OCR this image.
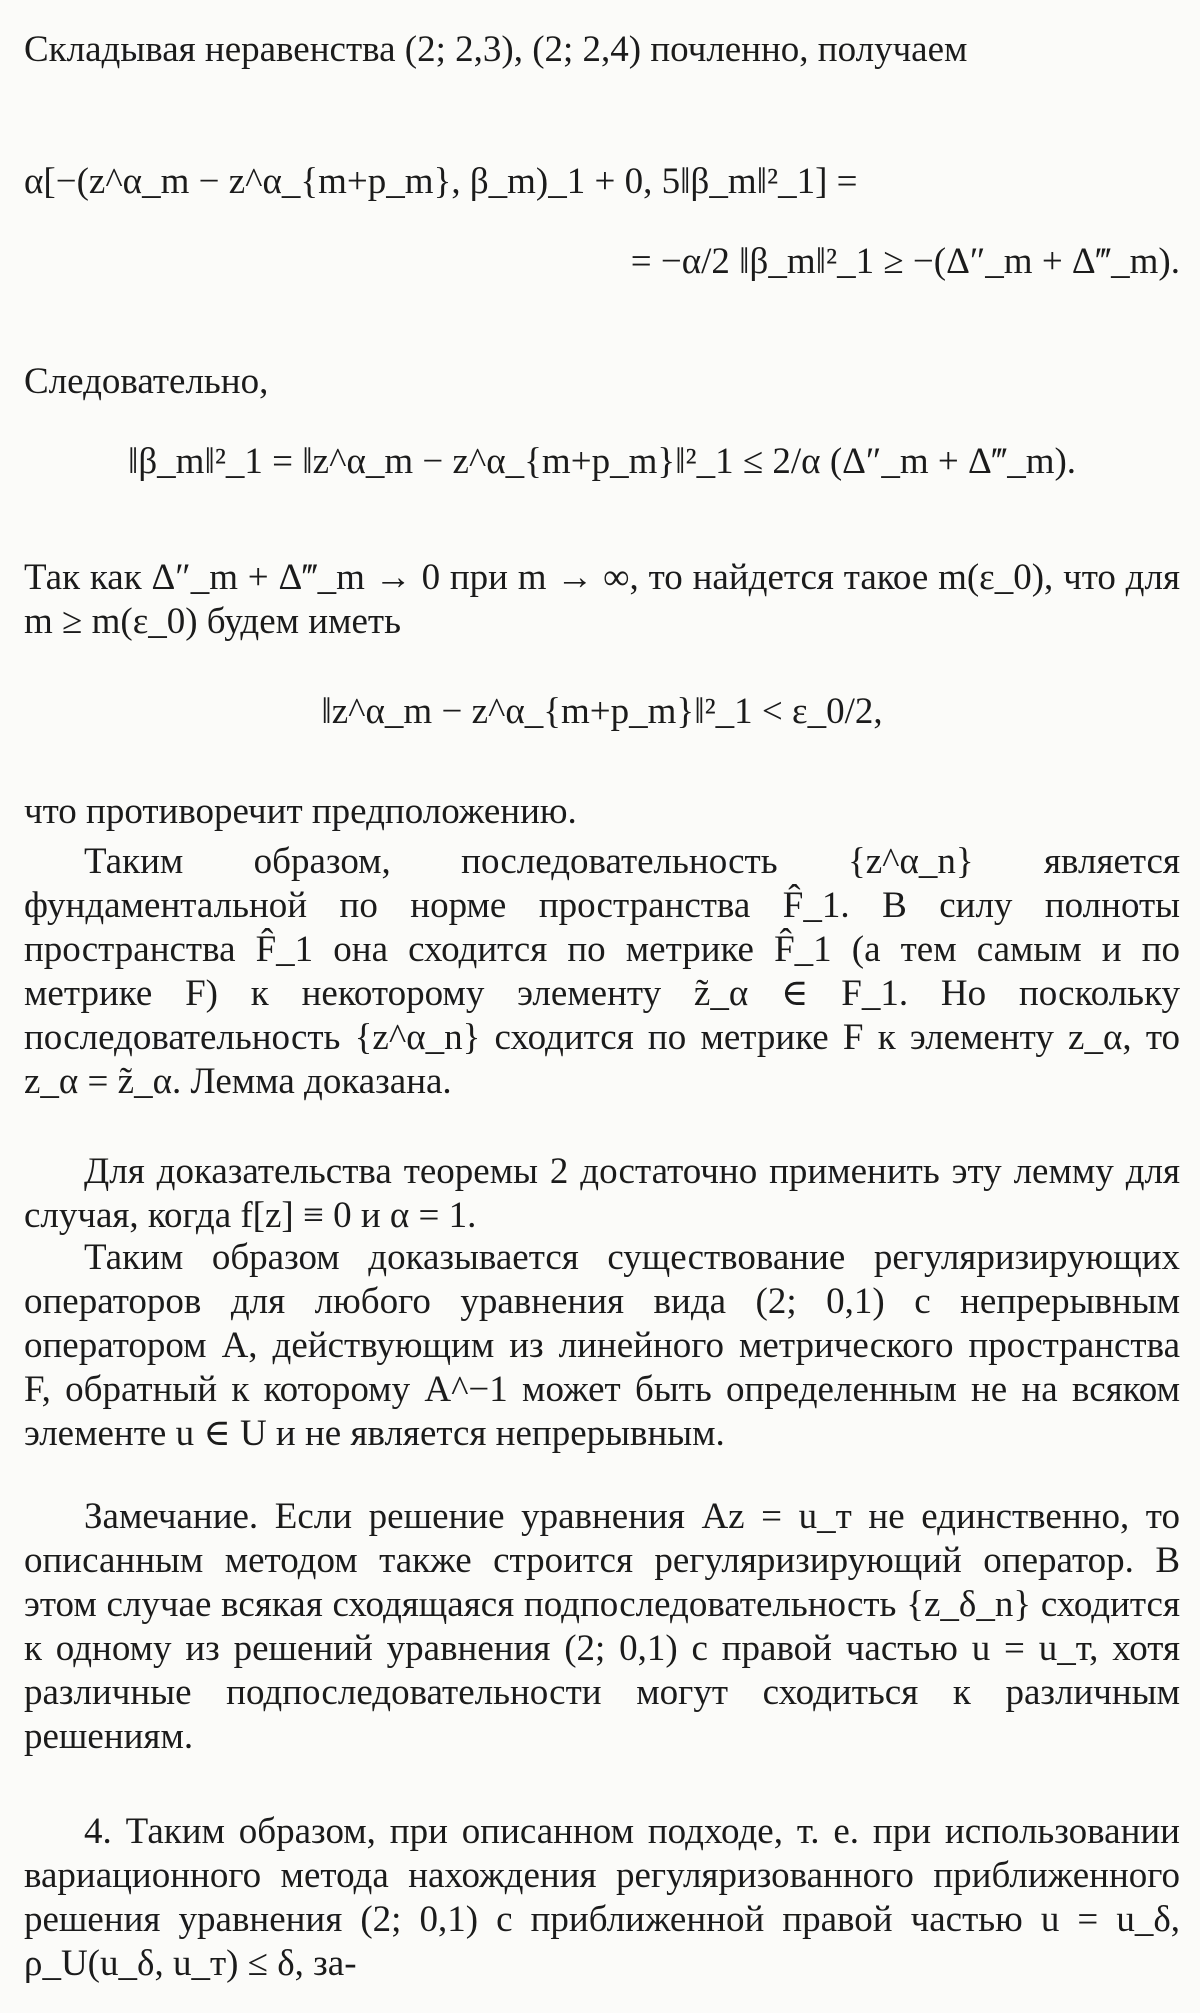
Складывая неравенства (2; 2,3), (2; 2,4) почленно, получаем

α[−(z^α_m − z^α_{m+p_m}, β_m)_1 + 0, 5‖β_m‖²_1] =
= −α/2 ‖β_m‖²_1 ≥ −(Δ″_m + Δ‴_m).

Следовательно,

‖β_m‖²_1 = ‖z^α_m − z^α_{m+p_m}‖²_1 ≤ 2/α (Δ″_m + Δ‴_m).

Так как Δ″_m + Δ‴_m → 0 при m → ∞, то найдется такое m(ε_0), что для m ≥ m(ε_0) будем иметь

‖z^α_m − z^α_{m+p_m}‖²_1 < ε_0/2,

что противоречит предположению.

Таким образом, последовательность {z^α_n} является фундаментальной по норме пространства F̂_1. В силу полноты пространства F̂_1 она сходится по метрике F̂_1 (а тем самым и по метрике F) к некоторому элементу z̃_α ∈ F_1. Но поскольку последовательность {z^α_n} сходится по метрике F к элементу z_α, то z_α = z̃_α. Лемма доказана.

Для доказательства теоремы 2 достаточно применить эту лемму для случая, когда f[z] ≡ 0 и α = 1.

Таким образом доказывается существование регуляризирующих операторов для любого уравнения вида (2; 0,1) с непрерывным оператором A, действующим из линейного метрического пространства F, обратный к которому A^−1 может быть определенным не на всяком элементе u ∈ U и не является непрерывным.

Замечание. Если решение уравнения Az = u_т не единственно, то описанным методом также строится регуляризирующий оператор. В этом случае всякая сходящаяся подпоследовательность {z_δ_n} сходится к одному из решений уравнения (2; 0,1) с правой частью u = u_т, хотя различные подпоследовательности могут сходиться к различным решениям.

4. Таким образом, при описанном подходе, т. е. при использовании вариационного метода нахождения регуляризованного приближенного решения уравнения (2; 0,1) с приближенной правой частью u = u_δ, ρ_U(u_δ, u_т) ≤ δ, за-
